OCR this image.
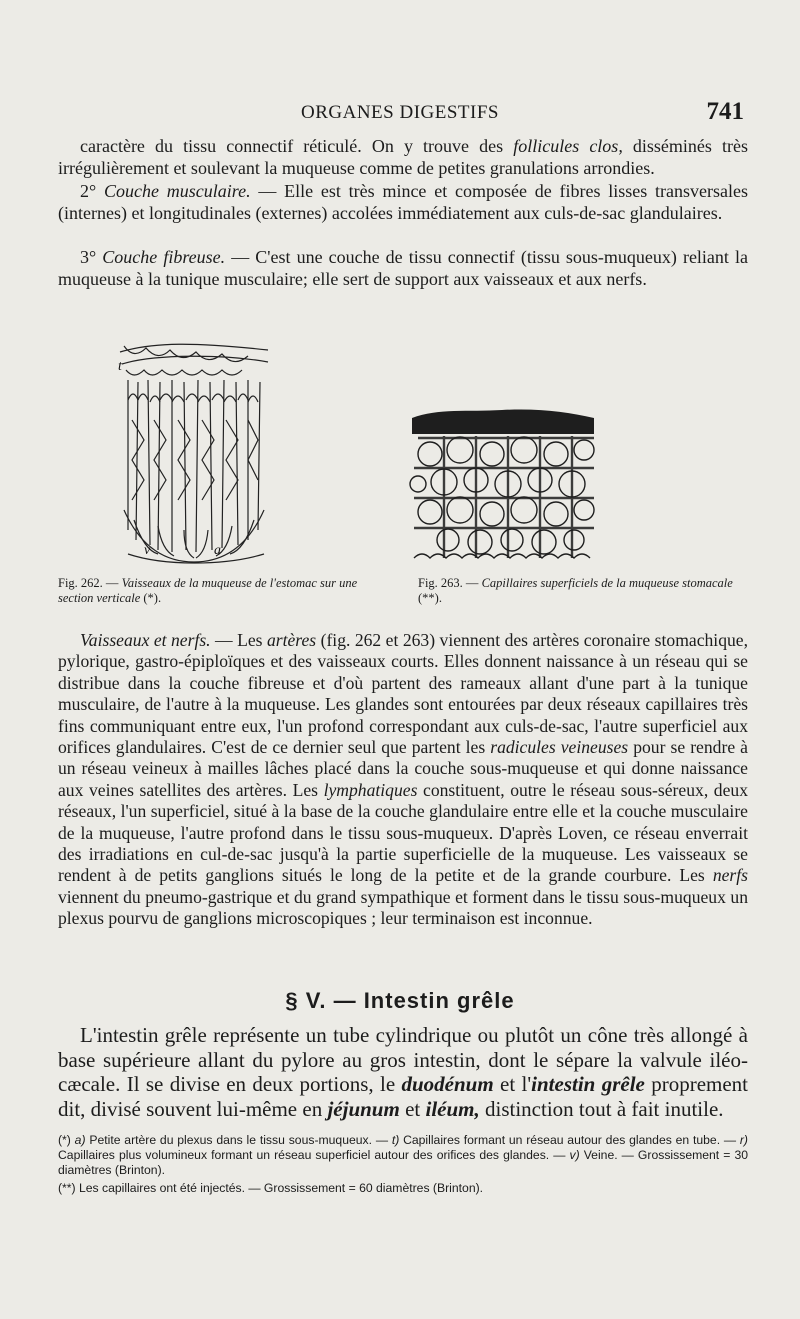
ORGANES DIGESTIFS	741
caractère du tissu connectif réticulé. On y trouve des follicules clos, disséminés très irrégulièrement et soulevant la muqueuse comme de petites granulations arrondies.
2° Couche musculaire. — Elle est très mince et composée de fibres lisses transversales (internes) et longitudinales (externes) accolées immédiatement aux culs-de-sac glandulaires.
3° Couche fibreuse. — C'est une couche de tissu connectif (tissu sous-muqueux) reliant la muqueuse à la tunique musculaire; elle sert de support aux vaisseaux et aux nerfs.
t
v	a
Fig. 262. — Vaisseaux de la muqueuse de l'estomac sur une section verticale (*).
Fig. 263. — Capillaires superficiels de la muqueuse stomacale (**).
Vaisseaux et nerfs. — Les artères (fig. 262 et 263) viennent des artères coronaire stomachique, pylorique, gastro-épiploïques et des vaisseaux courts. Elles donnent naissance à un réseau qui se distribue dans la couche fibreuse et d'où partent des rameaux allant d'une part à la tunique musculaire, de l'autre à la muqueuse. Les glandes sont entourées par deux réseaux capillaires très fins communiquant entre eux, l'un profond correspondant aux culs-de-sac, l'autre superficiel aux orifices glandulaires. C'est de ce dernier seul que partent les radicules veineuses pour se rendre à un réseau veineux à mailles lâches placé dans la couche sous-muqueuse et qui donne naissance aux veines satellites des artères. Les lymphatiques constituent, outre le réseau sous-séreux, deux réseaux, l'un superficiel, situé à la base de la couche glandulaire entre elle et la couche musculaire de la muqueuse, l'autre profond dans le tissu sous-muqueux. D'après Loven, ce réseau enverrait des irradiations en cul-de-sac jusqu'à la partie superficielle de la muqueuse. Les vaisseaux se rendent à de petits ganglions situés le long de la petite et de la grande courbure. Les nerfs viennent du pneumo-gastrique et du grand sympathique et forment dans le tissu sous-muqueux un plexus pourvu de ganglions microscopiques ; leur terminaison est inconnue.
§ V. — Intestin grêle
L'intestin grêle représente un tube cylindrique ou plutôt un cône très allongé à base supérieure allant du pylore au gros intestin, dont le sépare la valvule iléo-cæcale. Il se divise en deux portions, le duodénum et l'intestin grêle proprement dit, divisé souvent lui-même en jéjunum et iléum, distinction tout à fait inutile.
(*) a) Petite artère du plexus dans le tissu sous-muqueux. — t) Capillaires formant un réseau autour des glandes en tube. — r) Capillaires plus volumineux formant un réseau superficiel autour des orifices des glandes. — v) Veine. — Grossissement = 30 diamètres (Brinton).
(**) Les capillaires ont été injectés. — Grossissement = 60 diamètres (Brinton).
